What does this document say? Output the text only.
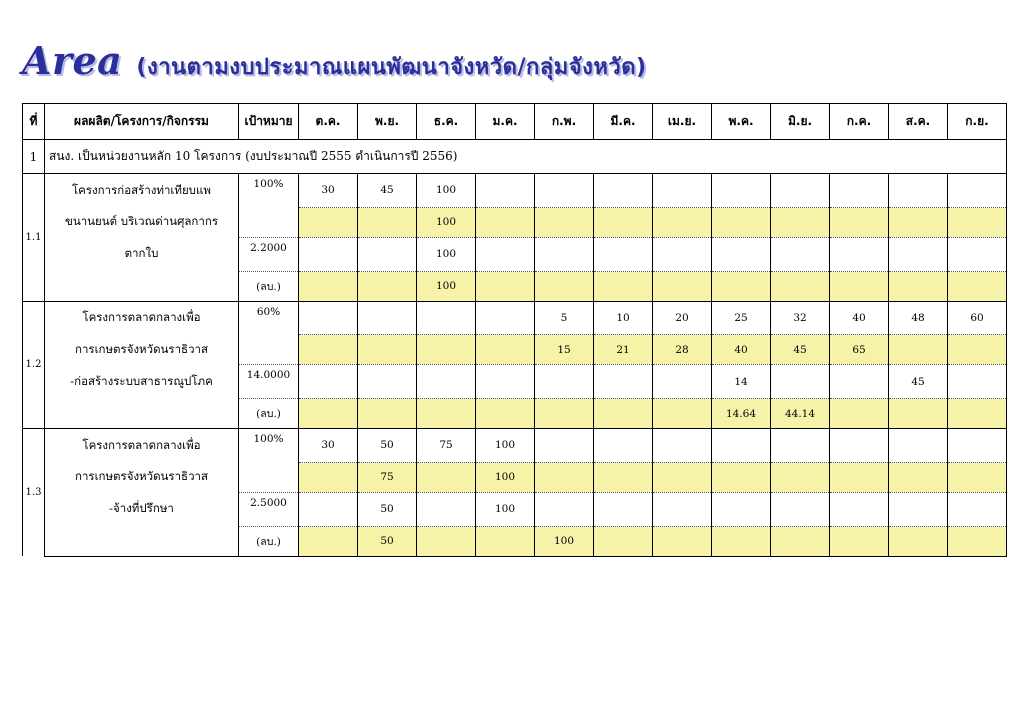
Area (งานตามงบประมาณแผนพัฒนาจังหวัด/กลุ่มจังหวัด)
ที่	ผลผลิต/โครงการ/กิจกรรม	เป้าหมาย	ต.ค.	พ.ย.	ธ.ค.	ม.ค.	ก.พ.	มี.ค.	เม.ย.	พ.ค.	มิ.ย.	ก.ค.	ส.ค.	ก.ย.
1	สนง. เป็นหน่วยงานหลัก 10 โครงการ (งบประมาณปี 2555 ดำเนินการปี 2556)													
1.1	โครงการก่อสร้างท่าเทียบแพ	100%	30	45	100									
	ขนานยนต์ บริเวณด่านศุลกากร				100									
	ตากใบ	2.2000			100									
		(ลบ.)			100									
1.2	โครงการตลาดกลางเพื่อ	60%					5	10	20	25	32	40	48	60
	การเกษตรจังหวัดนราธิวาส						15	21	28	40	45	65		
	-ก่อสร้างระบบสาธารณูปโภค	14.0000								14			45	
		(ลบ.)								14.64	44.14			
1.3	โครงการตลาดกลางเพื่อ	100%	30	50	75	100								
	การเกษตรจังหวัดนราธิวาส			75		100								
	-จ้างที่ปรึกษา	2.5000		50		100								
		(ลบ.)		50			100							
